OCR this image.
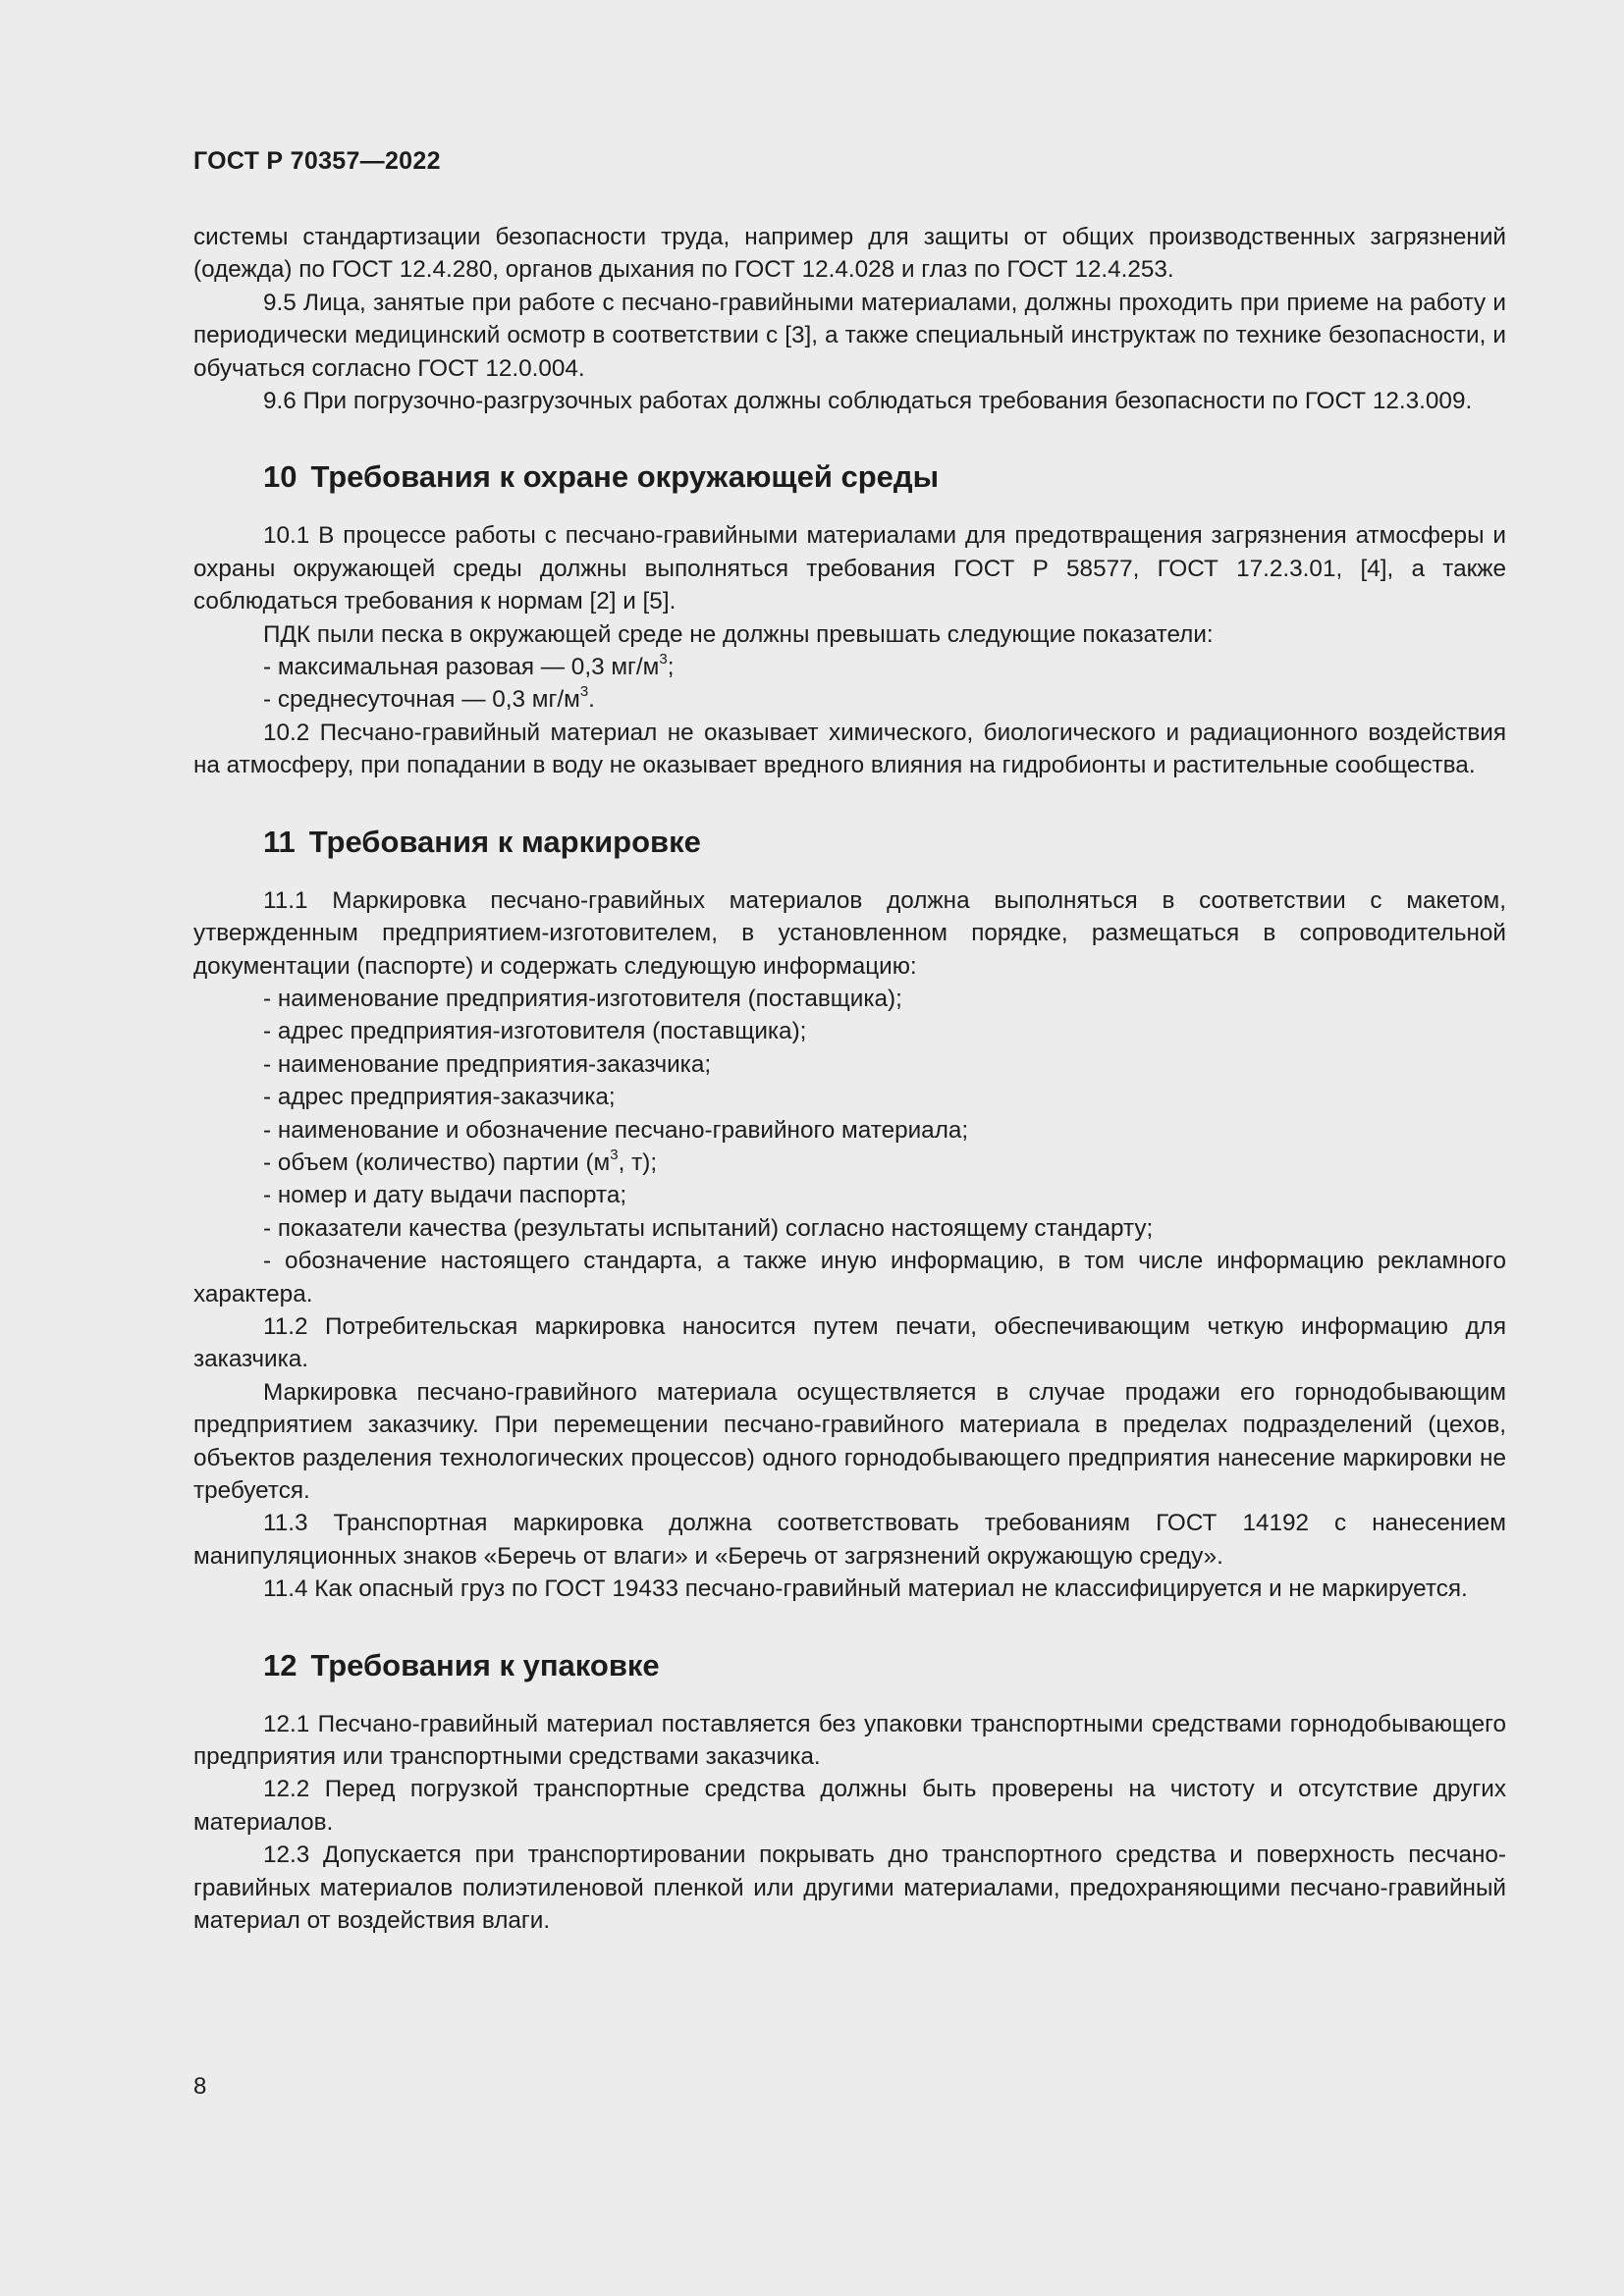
ГОСТ Р 70357—2022

системы стандартизации безопасности труда, например для защиты от общих производственных загрязнений (одежда) по ГОСТ 12.4.280, органов дыхания по ГОСТ 12.4.028 и глаз по ГОСТ 12.4.253.

9.5 Лица, занятые при работе с песчано-гравийными материалами, должны проходить при приеме на работу и периодически медицинский осмотр в соответствии с [3], а также специальный инструктаж по технике безопасности, и обучаться согласно ГОСТ 12.0.004.

9.6 При погрузочно-разгрузочных работах должны соблюдаться требования безопасности по ГОСТ 12.3.009.

10 Требования к охране окружающей среды

10.1 В процессе работы с песчано-гравийными материалами для предотвращения загрязнения атмосферы и охраны окружающей среды должны выполняться требования ГОСТ Р 58577, ГОСТ 17.2.3.01, [4], а также соблюдаться требования к нормам [2] и [5].

ПДК пыли песка в окружающей среде не должны превышать следующие показатели:

- максимальная разовая — 0,3 $мг/м^3$;

- среднесуточная — 0,3 $мг/м^3$.

10.2 Песчано-гравийный материал не оказывает химического, биологического и радиационного воздействия на атмосферу, при попадании в воду не оказывает вредного влияния на гидробионты и растительные сообщества.

11 Требования к маркировке

11.1 Маркировка песчано-гравийных материалов должна выполняться в соответствии с макетом, утвержденным предприятием-изготовителем, в установленном порядке, размещаться в сопроводительной документации (паспорте) и содержать следующую информацию:

- наименование предприятия-изготовителя (поставщика);

- адрес предприятия-изготовителя (поставщика);

- наименование предприятия-заказчика;

- адрес предприятия-заказчика;

- наименование и обозначение песчано-гравийного материала;

- объем (количество) партии ($м^3$, т);

- номер и дату выдачи паспорта;

- показатели качества (результаты испытаний) согласно настоящему стандарту;

- обозначение настоящего стандарта, а также иную информацию, в том числе информацию рекламного характера.

11.2 Потребительская маркировка наносится путем печати, обеспечивающим четкую информацию для заказчика.

Маркировка песчано-гравийного материала осуществляется в случае продажи его горнодобывающим предприятием заказчику. При перемещении песчано-гравийного материала в пределах подразделений (цехов, объектов разделения технологических процессов) одного горнодобывающего предприятия нанесение маркировки не требуется.

11.3 Транспортная маркировка должна соответствовать требованиям ГОСТ 14192 с нанесением манипуляционных знаков «Беречь от влаги» и «Беречь от загрязнений окружающую среду».

11.4 Как опасный груз по ГОСТ 19433 песчано-гравийный материал не классифицируется и не маркируется.

12 Требования к упаковке

12.1 Песчано-гравийный материал поставляется без упаковки транспортными средствами горнодобывающего предприятия или транспортными средствами заказчика.

12.2 Перед погрузкой транспортные средства должны быть проверены на чистоту и отсутствие других материалов.

12.3 Допускается при транспортировании покрывать дно транспортного средства и поверхность песчано-гравийных материалов полиэтиленовой пленкой или другими материалами, предохраняющими песчано-гравийный материал от воздействия влаги.

8
